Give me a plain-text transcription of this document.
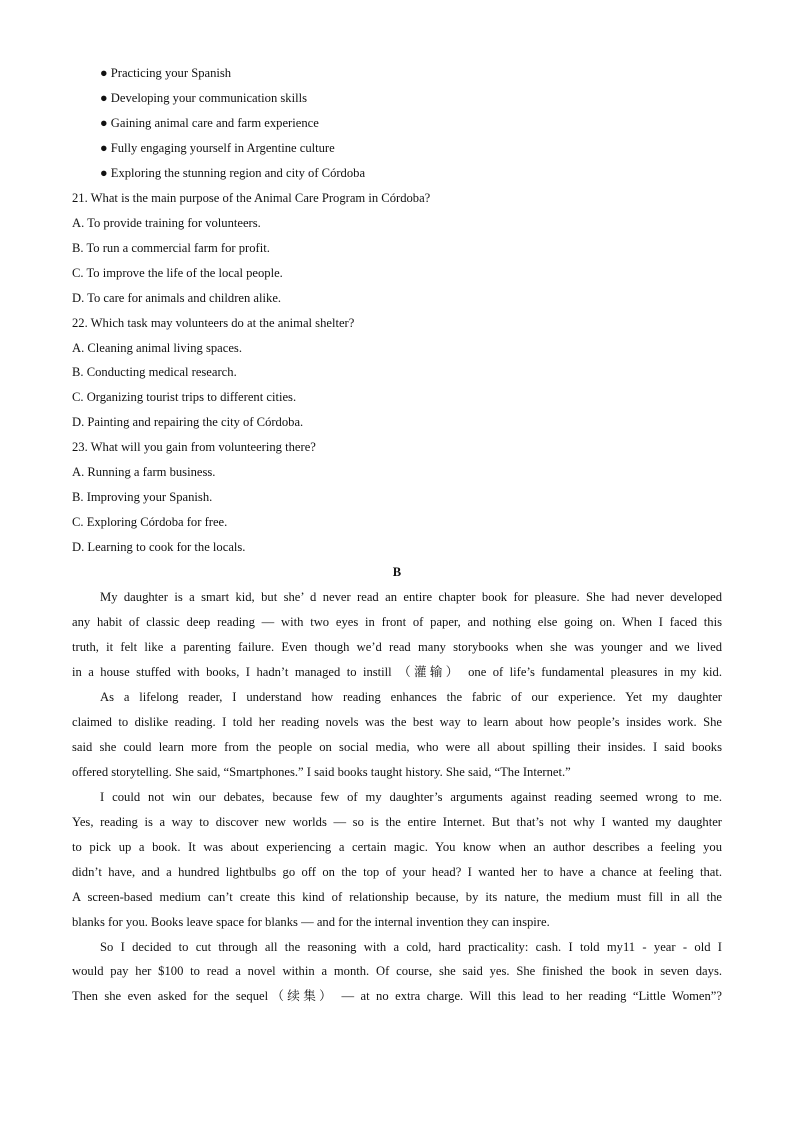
● Practicing your Spanish
● Developing your communication skills
● Gaining animal care and farm experience
● Fully engaging yourself in Argentine culture
● Exploring the stunning region and city of Córdoba
21. What is the main purpose of the Animal Care Program in Córdoba?
A. To provide training for volunteers.
B. To run a commercial farm for profit.
C. To improve the life of the local people.
D. To care for animals and children alike.
22. Which task may volunteers do at the animal shelter?
A. Cleaning animal living spaces.
B. Conducting medical research.
C. Organizing tourist trips to different cities.
D. Painting and repairing the city of Córdoba.
23. What will you gain from volunteering there?
A. Running a farm business.
B. Improving your Spanish.
C. Exploring Córdoba for free.
D. Learning to cook for the locals.
B
My daughter is a smart kid, but she’ d never read an entire chapter book for pleasure. She had never developed
any habit of classic deep reading — with two eyes in front of paper, and nothing else going on. When I faced this
truth, it felt like a parenting failure. Even though we’d read many storybooks when she was younger and we lived
in a house stuffed with books, I hadn’t managed to instill （灌输） one of life’s fundamental pleasures in my kid.
As a lifelong reader, I understand how reading enhances the fabric of our experience. Yet my daughter
claimed to dislike reading. I told her reading novels was the best way to learn about how people’s insides work. She
said she could learn more from the people on social media, who were all about spilling their insides. I said books
offered storytelling. She said, “Smartphones.” I said books taught history. She said, “The Internet.”
I could not win our debates, because few of my daughter’s arguments against reading seemed wrong to me.
Yes, reading is a way to discover new worlds — so is the entire Internet. But that’s not why I wanted my daughter
to pick up a book. It was about experiencing a certain magic. You know when an author describes a feeling you
didn’t have, and a hundred lightbulbs go off on the top of your head? I wanted her to have a chance at feeling that.
A screen-based medium can’t create this kind of relationship because, by its nature, the medium must fill in all the
blanks for you. Books leave space for blanks — and for the internal invention they can inspire.
So I decided to cut through all the reasoning with a cold, hard practicality: cash. I told my11 - year - old I
would pay her $100 to read a novel within a month. Of course, she said yes. She finished the book in seven days.
Then she even asked for the sequel（续集） — at no extra charge. Will this lead to her reading “Little Women”?
